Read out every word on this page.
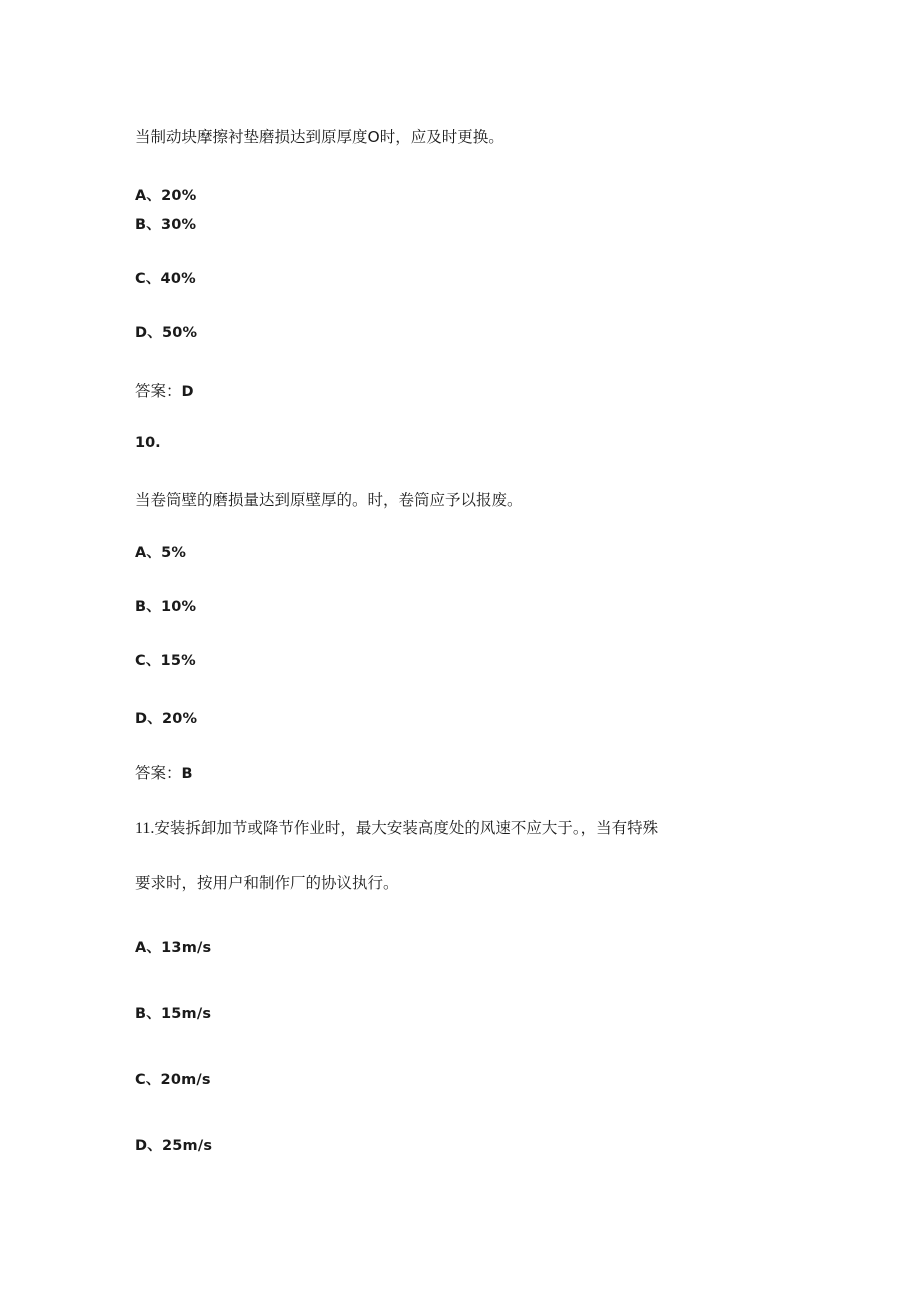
当制动块摩擦衬垫磨损达到原厚度O时，应及时更换。
A、20%
B、30%
C、40%
D、50%
答案：D
10.
当卷筒壁的磨损量达到原壁厚的。时，卷筒应予以报废。
A、5%
B、10%
C、15%
D、20%
答案：B
11.安装拆卸加节或降节作业时，最大安装高度处的风速不应大于。，当有特殊
要求时，按用户和制作厂的协议执行。
A、13m/s
B、15m/s
C、20m/s
D、25m/s
